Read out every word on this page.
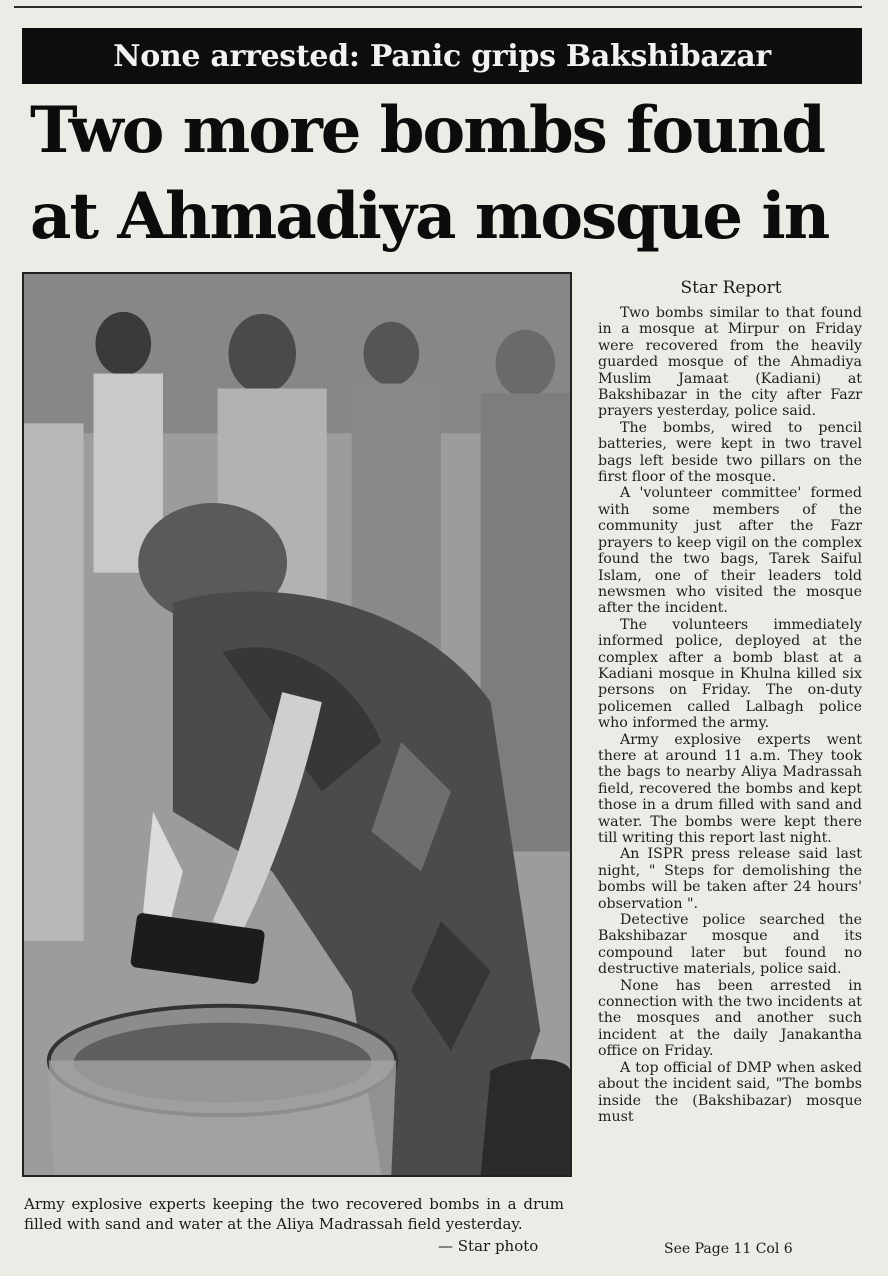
None arrested: Panic grips Bakshibazar
Two more bombs found at Ahmadiya mosque in

Army explosive experts keeping the two recovered bombs in a drum filled with sand and water at the Aliya Madrassah field yesterday.

— Star photo
Star Report

Two bombs similar to that found in a mosque at Mirpur on Friday were recovered from the heavily guarded mosque of the Ahmadiya Muslim Jamaat (Kadiani) at Bakshibazar in the city after Fazr prayers yesterday, police said.

The bombs, wired to pencil batteries, were kept in two travel bags left beside two pillars on the first floor of the mosque.

A 'volunteer committee' formed with some members of the community just after the Fazr prayers to keep vigil on the complex found the two bags, Tarek Saiful Islam, one of their leaders told newsmen who visited the mosque after the incident.

The volunteers immediately informed police, deployed at the complex after a bomb blast at a Kadiani mosque in Khulna killed six persons on Friday. The on-duty policemen called Lalbagh police who informed the army.

Army explosive experts went there at around 11 a.m. They took the bags to nearby Aliya Madrassah field, recovered the bombs and kept those in a drum filled with sand and water. The bombs were kept there till writing this report last night.

An ISPR press release said last night, " Steps for demolishing the bombs will be taken after 24 hours' observation ".

Detective police searched the Bakshibazar mosque and its compound later but found no destructive materials, police said.

None has been arrested in connection with the two incidents at the mosques and another such incident at the daily Janakantha office on Friday.

A top official of DMP when asked about the incident said, "The bombs inside the (Bakshibazar) mosque must

See Page 11 Col 6
